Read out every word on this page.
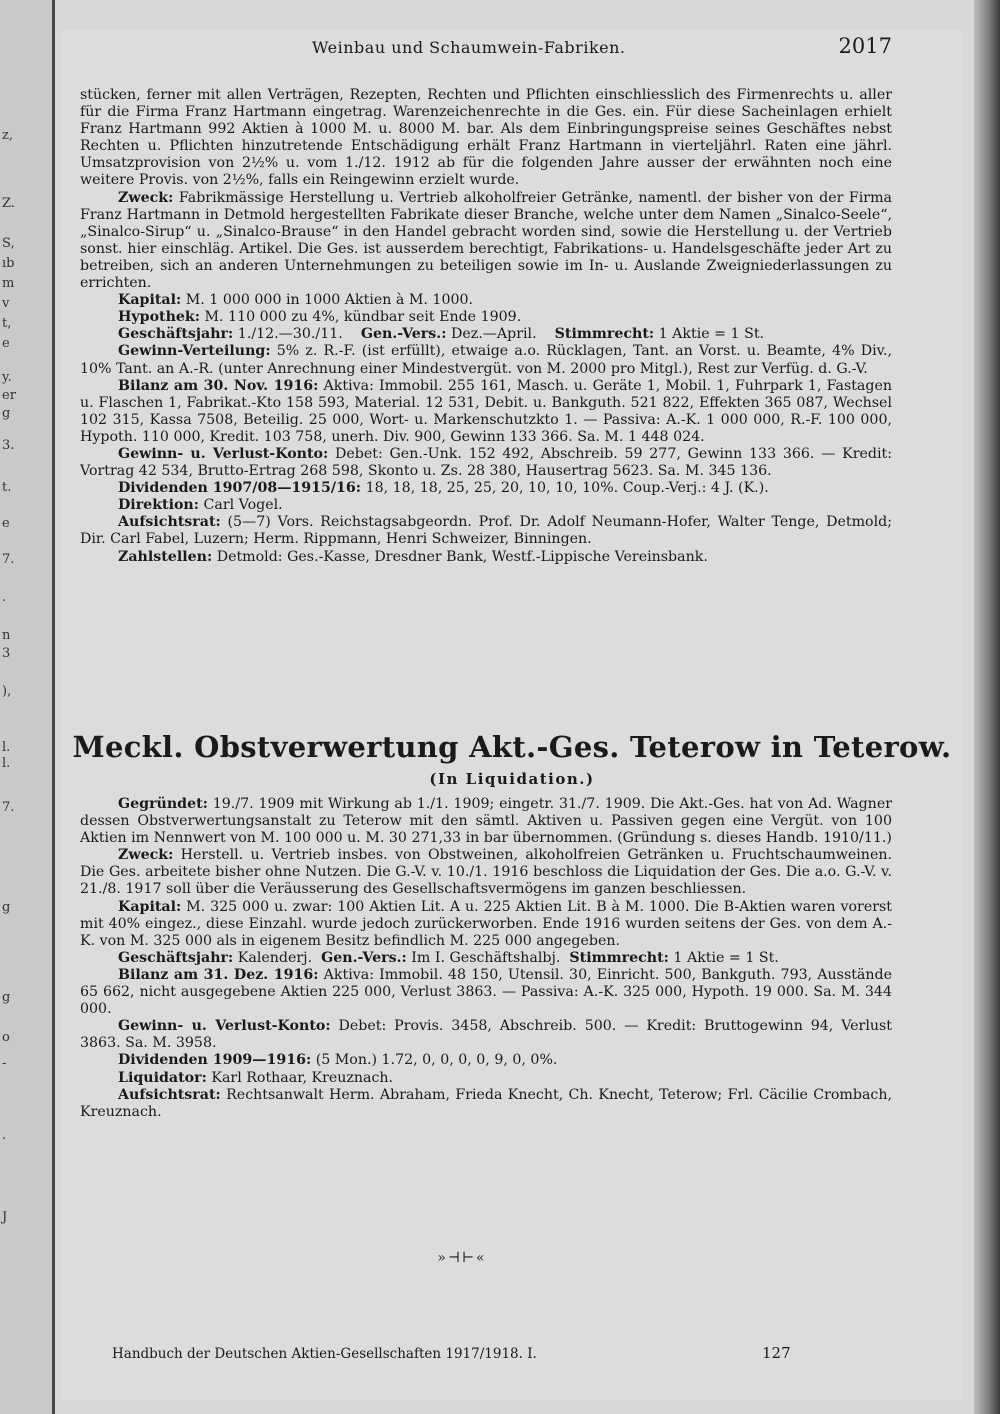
z,
Z.
S,
ıb
m
v
t,
e
y.
er
g
3.
t.
e
7.
.
n
3
),
l.
l.
7.
g
g
o
-
.
J
Weinbau und Schaumwein-Fabriken.	2017

stücken, ferner mit allen Verträgen, Rezepten, Rechten und Pflichten einschliesslich des Firmenrechts u. aller für die Firma Franz Hartmann eingetrag. Warenzeichenrechte in die Ges. ein. Für diese Sacheinlagen erhielt Franz Hartmann 992 Aktien à 1000 M. u. 8000 M. bar. Als dem Einbringungspreise seines Geschäftes nebst Rechten u. Pflichten hinzutretende Entschädigung erhält Franz Hartmann in vierteljährl. Raten eine jährl. Umsatzprovision von 2½% u. vom 1./12. 1912 ab für die folgenden Jahre ausser der erwähnten noch eine weitere Provis. von 2½%, falls ein Reingewinn erzielt wurde.

Zweck: Fabrikmässige Herstellung u. Vertrieb alkoholfreier Getränke, namentl. der bisher von der Firma Franz Hartmann in Detmold hergestellten Fabrikate dieser Branche, welche unter dem Namen „Sinalco-Seele“, „Sinalco-Sirup“ u. „Sinalco-Brause“ in den Handel gebracht worden sind, sowie die Herstellung u. der Vertrieb sonst. hier einschläg. Artikel. Die Ges. ist ausserdem berechtigt, Fabrikations- u. Handelsgeschäfte jeder Art zu betreiben, sich an anderen Unternehmungen zu beteiligen sowie im In- u. Auslande Zweigniederlassungen zu errichten.

Kapital: M. 1 000 000 in 1000 Aktien à M. 1000.

Hypothek: M. 110 000 zu 4%, kündbar seit Ende 1909.

Geschäftsjahr: 1./12.—30./11. Gen.-Vers.: Dez.—April. Stimmrecht: 1 Aktie = 1 St.

Gewinn-Verteilung: 5% z. R.-F. (ist erfüllt), etwaige a.o. Rücklagen, Tant. an Vorst. u. Beamte, 4% Div., 10% Tant. an A.-R. (unter Anrechnung einer Mindestvergüt. von M. 2000 pro Mitgl.), Rest zur Verfüg. d. G.-V.

Bilanz am 30. Nov. 1916: Aktiva: Immobil. 255 161, Masch. u. Geräte 1, Mobil. 1, Fuhrpark 1, Fastagen u. Flaschen 1, Fabrikat.-Kto 158 593, Material. 12 531, Debit. u. Bankguth. 521 822, Effekten 365 087, Wechsel 102 315, Kassa 7508, Beteilig. 25 000, Wort- u. Markenschutzkto 1. — Passiva: A.-K. 1 000 000, R.-F. 100 000, Hypoth. 110 000, Kredit. 103 758, unerh. Div. 900, Gewinn 133 366. Sa. M. 1 448 024.

Gewinn- u. Verlust-Konto: Debet: Gen.-Unk. 152 492, Abschreib. 59 277, Gewinn 133 366. — Kredit: Vortrag 42 534, Brutto-Ertrag 268 598, Skonto u. Zs. 28 380, Hausertrag 5623. Sa. M. 345 136.

Dividenden 1907/08—1915/16: 18, 18, 18, 25, 25, 20, 10, 10, 10%. Coup.-Verj.: 4 J. (K.).

Direktion: Carl Vogel.

Aufsichtsrat: (5—7) Vors. Reichstagsabgeordn. Prof. Dr. Adolf Neumann-Hofer, Walter Tenge, Detmold; Dir. Carl Fabel, Luzern; Herm. Rippmann, Henri Schweizer, Binningen.

Zahlstellen: Detmold: Ges.-Kasse, Dresdner Bank, Westf.-Lippische Vereinsbank.

Meckl. Obstverwertung Akt.-Ges. Teterow in Teterow.
(In Liquidation.)

Gegründet: 19./7. 1909 mit Wirkung ab 1./1. 1909; eingetr. 31./7. 1909. Die Akt.-Ges. hat von Ad. Wagner dessen Obstverwertungsanstalt zu Teterow mit den sämtl. Aktiven u. Passiven gegen eine Vergüt. von 100 Aktien im Nennwert von M. 100 000 u. M. 30 271,33 in bar übernommen. (Gründung s. dieses Handb. 1910/11.)

Zweck: Herstell. u. Vertrieb insbes. von Obstweinen, alkoholfreien Getränken u. Fruchtschaumweinen. Die Ges. arbeitete bisher ohne Nutzen. Die G.-V. v. 10./1. 1916 beschloss die Liquidation der Ges. Die a.o. G.-V. v. 21./8. 1917 soll über die Veräusserung des Gesellschaftsvermögens im ganzen beschliessen.

Kapital: M. 325 000 u. zwar: 100 Aktien Lit. A u. 225 Aktien Lit. B à M. 1000. Die B-Aktien waren vorerst mit 40% eingez., diese Einzahl. wurde jedoch zurückerworben. Ende 1916 wurden seitens der Ges. von dem A.-K. von M. 325 000 als in eigenem Besitz befindlich M. 225 000 angegeben.

Geschäftsjahr: Kalenderj. Gen.-Vers.: Im I. Geschäftshalbj. Stimmrecht: 1 Aktie = 1 St.

Bilanz am 31. Dez. 1916: Aktiva: Immobil. 48 150, Utensil. 30, Einricht. 500, Bankguth. 793, Ausstände 65 662, nicht ausgegebene Aktien 225 000, Verlust 3863. — Passiva: A.-K. 325 000, Hypoth. 19 000. Sa. M. 344 000.

Gewinn- u. Verlust-Konto: Debet: Provis. 3458, Abschreib. 500. — Kredit: Bruttogewinn 94, Verlust 3863. Sa. M. 3958.

Dividenden 1909—1916: (5 Mon.) 1.72, 0, 0, 0, 0, 9, 0, 0%.

Liquidator: Karl Rothaar, Kreuznach.

Aufsichtsrat: Rechtsanwalt Herm. Abraham, Frieda Knecht, Ch. Knecht, Teterow; Frl. Cäcilie Crombach, Kreuznach.

»⊣⊢«
Handbuch der Deutschen Aktien-Gesellschaften 1917/1918. I.	127
